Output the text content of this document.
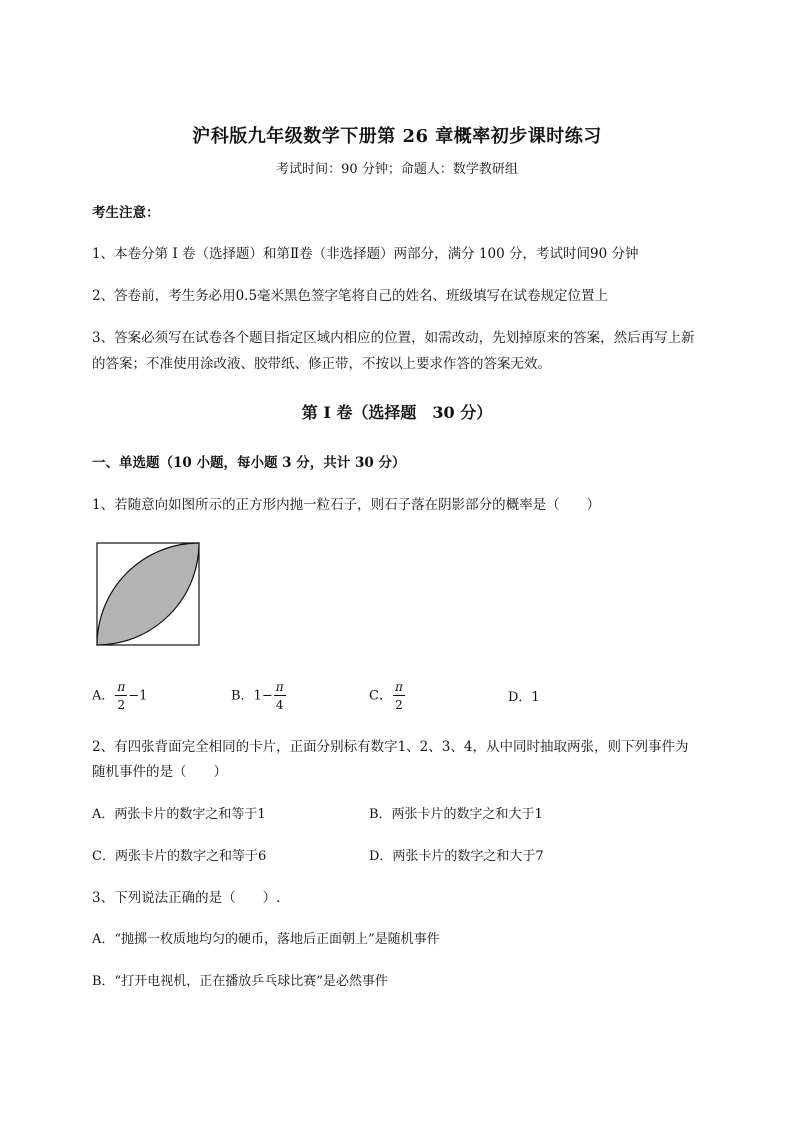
沪科版九年级数学下册第 26 章概率初步课时练习
考试时间：90 分钟；命题人：数学教研组
考生注意：
1、本卷分第 I 卷（选择题）和第Ⅱ卷（非选择题）两部分，满分 100 分，考试时间90 分钟
2、答卷前，考生务必用0.5毫米黑色签字笔将自己的姓名、班级填写在试卷规定位置上
3、答案必须写在试卷各个题目指定区域内相应的位置，如需改动，先划掉原来的答案，然后再写上新
的答案；不准使用涂改液、胶带纸、修正带，不按以上要求作答的答案无效。
第 I 卷（选择题　30 分）
一、单选题（10 小题，每小题 3 分，共计 30 分）
1、若随意向如图所示的正方形内抛一粒石子，则石子落在阴影部分的概率是（　　）
A． $\frac{\pi}{2} -1$	B．$1- \frac{\pi}{4}$	C． $\frac{\pi}{2}$	D．1
2、有四张背面完全相同的卡片，正面分别标有数字1、2、3、4，从中同时抽取两张，则下列事件为
随机事件的是（　　）
A．两张卡片的数字之和等于1	B．两张卡片的数字之和大于1
C．两张卡片的数字之和等于6	D．两张卡片的数字之和大于7
3、下列说法正确的是（　　）.
A．“抛掷一枚质地均匀的硬币，落地后正面朝上”是随机事件
B．“打开电视机，正在播放乒乓球比赛”是必然事件
